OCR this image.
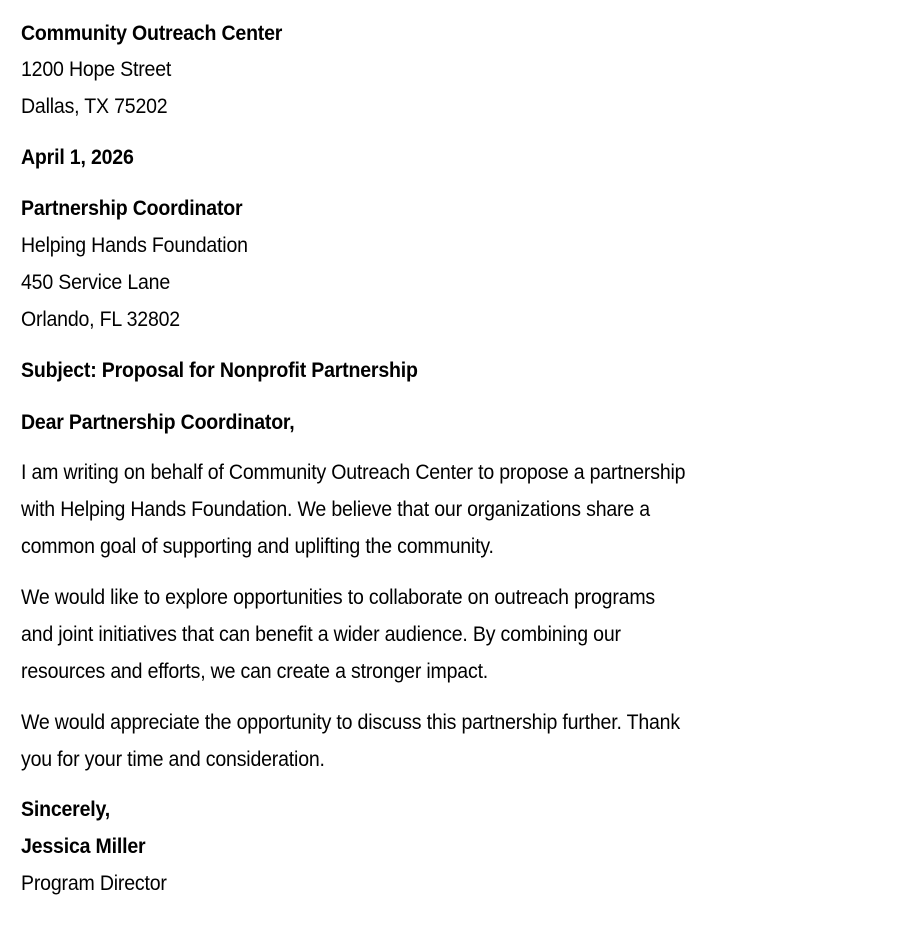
Community Outreach Center
1200 Hope Street
Dallas, TX 75202
April 1, 2026
Partnership Coordinator
Helping Hands Foundation
450 Service Lane
Orlando, FL 32802
Subject: Proposal for Nonprofit Partnership
Dear Partnership Coordinator,
I am writing on behalf of Community Outreach Center to propose a partnership
with Helping Hands Foundation. We believe that our organizations share a
common goal of supporting and uplifting the community.
We would like to explore opportunities to collaborate on outreach programs
and joint initiatives that can benefit a wider audience. By combining our
resources and efforts, we can create a stronger impact.
We would appreciate the opportunity to discuss this partnership further. Thank
you for your time and consideration.
Sincerely,
Jessica Miller
Program Director
